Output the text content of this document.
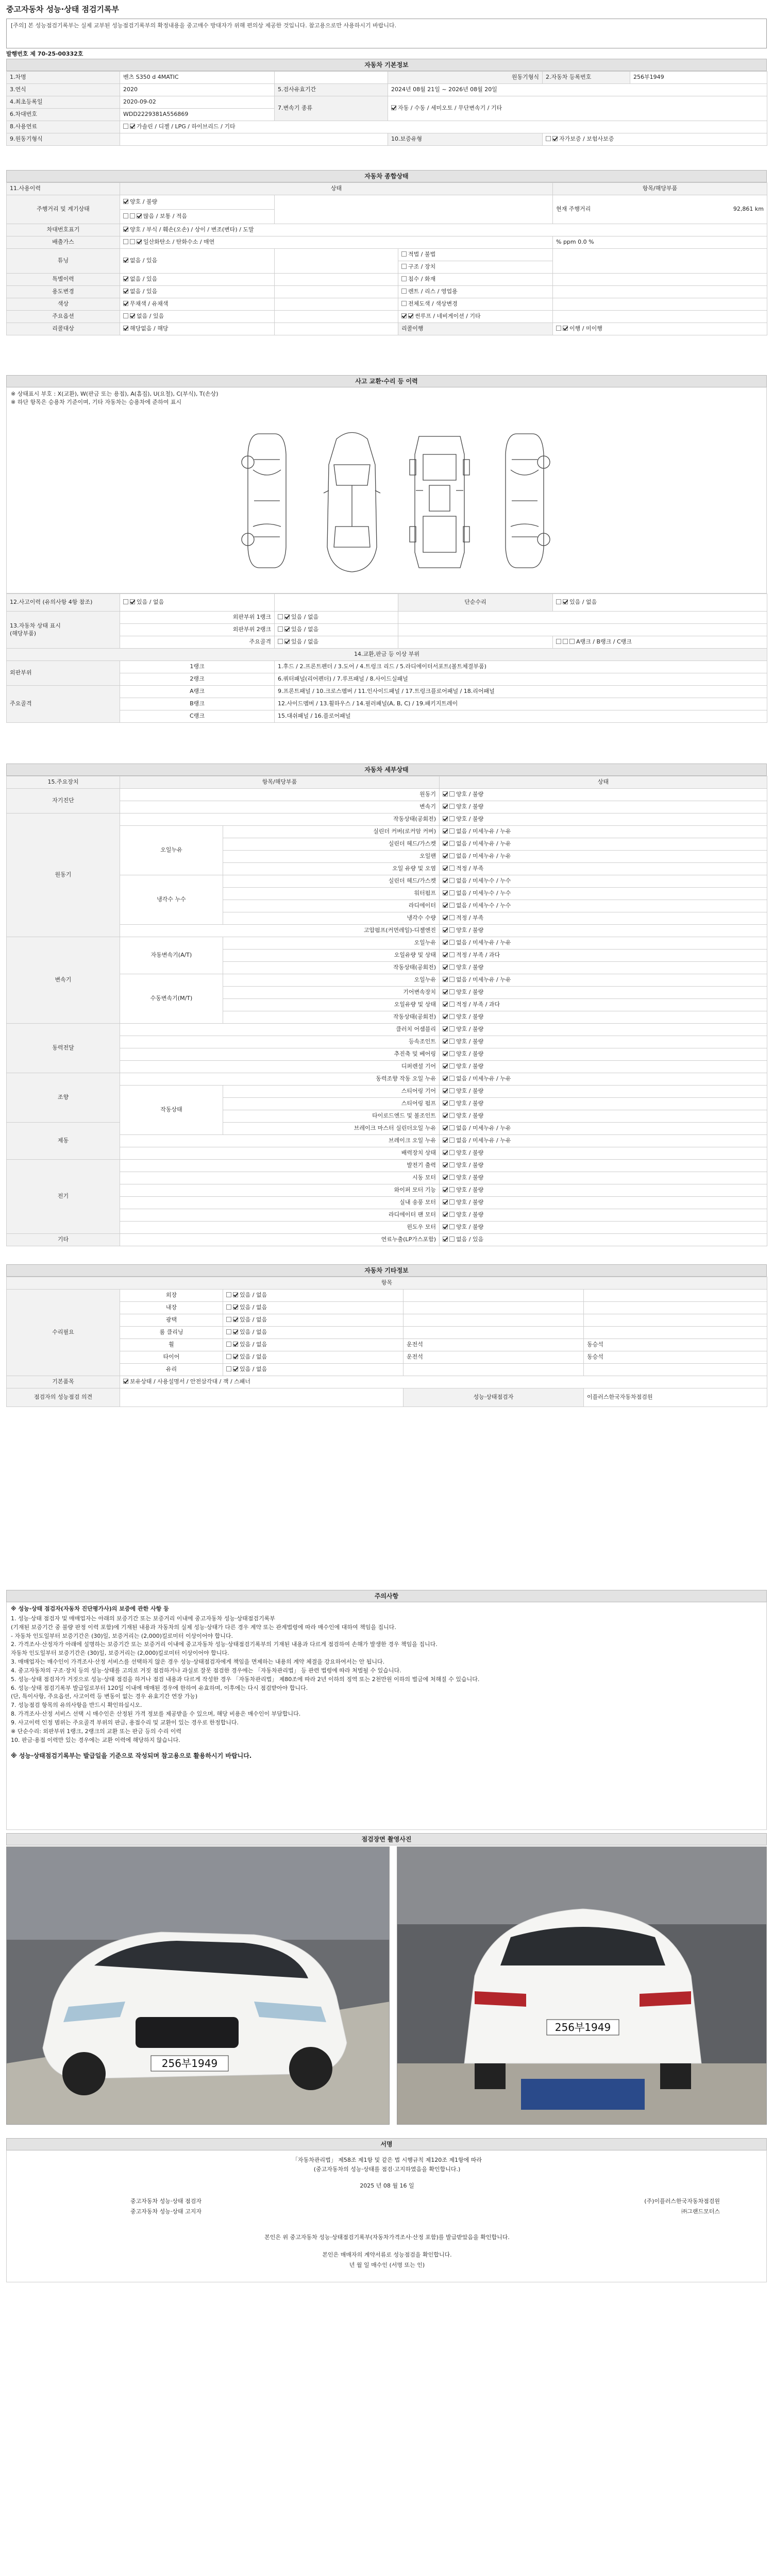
중고자동차 성능·상태 점검기록부
[주의] 본 성능점검기록부는 실제 교부된 성능점검기록부의 확정내용을 중고매수 방대자가 위해 편의상 제공한 것입니다. 참고용으로만 사용하시기 바랍니다.
발행번호 제 70-25-00332호
자동차 기본정보
1.차명	벤츠 S350 d 4MATIC		원동기형식	2.자동차 등록번호	256부1949
3.연식	2020	5.검사유효기간	2024년 08월 21일 ~ 2026년 08월 20일		
4.최초등록일	2020-09-02	7.변속기 종류	자동 / 수동 / 세미오토 / 무단변속기 / 기타		
6.차대번호	WDD2229381A556869				
8.사용연료	가솔린 / 디젤 / LPG / 하이브리드 / 기타				
9.원동기형식			10.보증유형	자가보증 / 보험사보증	
자동차 종합상태
11.사용이력	상태			항목/해당부품
주행거리 및 계기상태	양호 / 불량			현재 주행거리 92,861 km

	많음 / 보통 / 적음			
차대번호표기	양호 / 부식 / 훼손(오손) / 상이 / 변조(변타) / 도말			
배출가스	일산화탄소 / 탄화수소 / 매연			% ppm 0.0 %
튜닝	없음 / 있음		적법 / 불법	
			구조 / 장치	
특별이력	없음 / 있음		침수 / 화재	
용도변경	없음 / 있음		렌트 / 리스 / 영업용	
색상	무채색 / 유채색		전체도색 / 색상변경	
주요옵션	없음 / 있음		썬루프 / 네비게이션 / 기타	
리콜대상	해당없음 / 해당		리콜이행	이행 / 미이행
사고 교환·수리 등 이력
※ 상태표시 부호 : X(교환), W(판금 또는 용접), A(흠집), U(요철), C(부식), T(손상)
※ 하단 항목은 승용차 기준이며, 기타 자동차는 승용차에 준하여 표시
12.사고이력 (유의사항 4항 참조)	있음 / 없음		단순수리	있음 / 없음
13.자동차 상태 표시
(해당부품)	외판부위 1랭크	있음 / 없음		
	외판부위 2랭크	있음 / 없음		
	주요골격	있음 / 없음		A랭크 / B랭크 / C랭크
14.교환,판금 등 이상 부위				
외판부위	1랭크	1.후드 / 2.프론트펜더 / 3.도어 / 4.트렁크 리드 / 5.라디에이터서포트(볼트체결부품)		
	2랭크	6.쿼터패널(리어펜더) / 7.루프패널 / 8.사이드실패널		
주요골격	A랭크	9.프론트패널 / 10.크로스멤버 / 11.인사이드패널 / 17.트렁크플로어패널 / 18.리어패널		
	B랭크	12.사이드멤버 / 13.휠하우스 / 14.필러패널(A, B, C) / 19.패키지트레이		
	C랭크	15.대쉬패널 / 16.플로어패널		
자동차 세부상태
15.주요장치	항목/해당부품		상태
자기진단	원동기		양호 / 불량
	변속기		양호 / 불량
원동기	작동상태(공회전)		양호 / 불량
	오일누유	실린더 커버(로커암 커버)	없음 / 미세누유 / 누유
		실린더 헤드/가스켓	없음 / 미세누유 / 누유
		오일팬	없음 / 미세누유 / 누유
		오일 유량 및 오염	적정 / 부족
	냉각수 누수	실린더 헤드/가스켓	없음 / 미세누수 / 누수
		워터펌프	없음 / 미세누수 / 누수
		라디에이터	없음 / 미세누수 / 누수
		냉각수 수량	적정 / 부족
	고압펌프(커먼레일)-디젤엔진		양호 / 불량
변속기	자동변속기(A/T)	오일누유	없음 / 미세누유 / 누유
		오일유량 및 상태	적정 / 부족 / 과다
		작동상태(공회전)	양호 / 불량
	수동변속기(M/T)	오일누유	없음 / 미세누유 / 누유
		기어변속장치	양호 / 불량
		오일유량 및 상태	적정 / 부족 / 과다
		작동상태(공회전)	양호 / 불량
동력전달	클러치 어셈블리		양호 / 불량
	등속조인트		양호 / 불량
	추진축 및 베어링		양호 / 불량
	디퍼렌셜 기어		양호 / 불량
조향	동력조향 작동 오일 누유		없음 / 미세누유 / 누유
	작동상태	스티어링 기어	양호 / 불량
		스티어링 펌프	양호 / 불량
		타이로드엔드 및 볼조인트	양호 / 불량
제동		브레이크 마스터 실린더오일 누유	없음 / 미세누유 / 누유
	브레이크 오일 누유		없음 / 미세누유 / 누유
	배력장치 상태		양호 / 불량
전기	발전기 출력		양호 / 불량
	시동 모터		양호 / 불량
	와이퍼 모터 기능		양호 / 불량
	실내 송풍 모터		양호 / 불량
	라디에이터 팬 모터		양호 / 불량
	윈도우 모터		양호 / 불량
기타	연료누출(LP가스포함)		없음 / 있음
자동차 기타정보
항목				
수리필요	외장	있음 / 없음		
	내장	있음 / 없음		
	광택	있음 / 없음		
	룸 클리닝	있음 / 없음		
	휠	있음 / 없음	운전석	동승석
	타이어	있음 / 없음	운전석	동승석
	유리	있음 / 없음		
기본품목	보유상태 / 사용설명서 / 안전삼각대 / 잭 / 스패너			
점검자의 성능점검 의견			성능·상태점검자	이플러스한국자동차점검원
주의사항
※ 성능·상태 점검자(자동차 진단평가사)의 보증에 관한 사항 등
1. 성능·상태 점검자 및 매매업자는 아래의 보증기간 또는 보증거리 이내에 중고자동차 성능·상태점검기록부
(기재된 보증기간 중 불량 판정 이력 포함)에 기재된 내용과 자동차의 실제 성능·상태가 다른 경우 계약 또는 관계법령에 따라 매수인에 대하여 책임을 집니다.
- 자동차 인도일부터 보증기간은 (30)일, 보증거리는 (2,000)킬로미터 이상이어야 합니다.
2. 가격조사·산정자가 아래에 설명하는 보증기간 또는 보증거리 이내에 중고자동차 성능·상태점검기록부의 기재된 내용과 다르게 점검하여 손해가 발생한 경우 책임을 집니다.
자동차 인도일부터 보증기간은 (30)일, 보증거리는 (2,000)킬로미터 이상이어야 합니다.
3. 매매업자는 매수인이 가격조사·산정 서비스를 선택하지 않은 경우 성능·상태점검자에게 책임을 면제하는 내용의 계약 체결을 강요하여서는 안 됩니다.
4. 중고자동차의 구조·장치 등의 성능·상태를 고의로 거짓 점검하거나 과실로 잘못 점검한 경우에는 「자동차관리법」 등 관련 법령에 따라 처벌될 수 있습니다.
5. 성능·상태 점검자가 거짓으로 성능·상태 점검을 하거나 점검 내용과 다르게 작성한 경우 「자동차관리법」 제80조에 따라 2년 이하의 징역 또는 2천만원 이하의 벌금에 처해질 수 있습니다.
6. 성능·상태 점검기록부 발급일로부터 120일 이내에 매매된 경우에 한하여 유효하며, 이후에는 다시 점검받아야 합니다.
(단, 특이사항, 주요옵션, 사고이력 등 변동이 없는 경우 유효기간 연장 가능)
7. 성능점검 항목의 유의사항을 반드시 확인하십시오.
8. 가격조사·산정 서비스 선택 시 매수인은 산정된 가격 정보를 제공받을 수 있으며, 해당 비용은 매수인이 부담합니다.
9. 사고이력 인정 범위는 주요골격 부위의 판금, 용접수리 및 교환이 있는 경우로 한정합니다.
※ 단순수리: 외판부위 1랭크, 2랭크의 교환 또는 판금 등의 수리 이력
10. 판금·용접 이력만 있는 경우에는 교환 이력에 해당하지 않습니다.
※ 성능·상태점검기록부는 발급일을 기준으로 작성되며 참고용으로 활용하시기 바랍니다.
점검장면 촬영사진
256부1949
256부1949
서명
「자동차관리법」 제58조 제1항 및 같은 법 시행규칙 제120조 제1항에 따라
(중고자동차의 성능·상태를 점검·고지하였음을 확인합니다.)
2025 년 08 월 16 일
중고자동차 성능·상태 점검자
중고자동차 성능·상태 고지자
(주)이플러스한국자동차점검원
㈜그랜드모터스
본인은 위 중고자동차 성능·상태점검기록부(자동차가격조사·산정 포함)를 발급받았음을 확인합니다.
본인은 매매자의 계약서류로 성능점검을 확인합니다.
년 월 일 매수인 (서명 또는 인)
